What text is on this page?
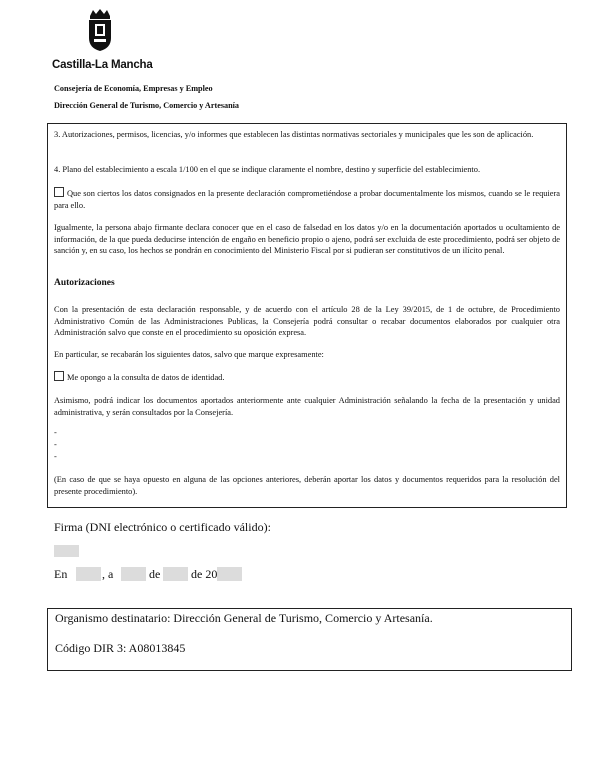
Castilla-La Mancha
Consejería de Economía, Empresas y Empleo
Dirección General de Turismo, Comercio y Artesanía

3. Autorizaciones, permisos, licencias, y/o informes que establecen las distintas normativas sectoriales y municipales que les son de aplicación.

4. Plano del establecimiento a escala 1/100 en el que se indique claramente el nombre, destino y superficie del establecimiento.

Que son ciertos los datos consignados en la presente declaración comprometiéndose a probar documentalmente los mismos, cuando se le requiera para ello.

Igualmente, la persona abajo firmante declara conocer que en el caso de falsedad en los datos y/o en la documentación aportados u ocultamiento de información, de la que pueda deducirse intención de engaño en beneficio propio o ajeno, podrá ser excluida de este procedimiento, podrá ser objeto de sanción y, en su caso, los hechos se pondrán en conocimiento del Ministerio Fiscal por si pudieran ser constitutivos de un ilícito penal.

Autorizaciones

Con la presentación de esta declaración responsable, y de acuerdo con el artículo 28 de la Ley 39/2015, de 1 de octubre, de Procedimiento Administrativo Común de las Administraciones Publicas, la Consejería podrá consultar o recabar documentos elaborados por cualquier otra Administración salvo que conste en el procedimiento su oposición expresa.

En particular, se recabarán los siguientes datos, salvo que marque expresamente:

Me opongo a la consulta de datos de identidad.

Asimismo, podrá indicar los documentos aportados anteriormente ante cualquier Administración señalando la fecha de la presentación y unidad administrativa, y serán consultados por la Consejería.

-

-

-

(En caso de que se haya opuesto en alguna de las opciones anteriores, deberán aportar los datos y documentos requeridos para la resolución del presente procedimiento).

Firma (DNI electrónico o certificado válido):
En	, a	de	de 20

Organismo destinatario: Dirección General de Turismo, Comercio y Artesanía.

Código DIR 3: A08013845
